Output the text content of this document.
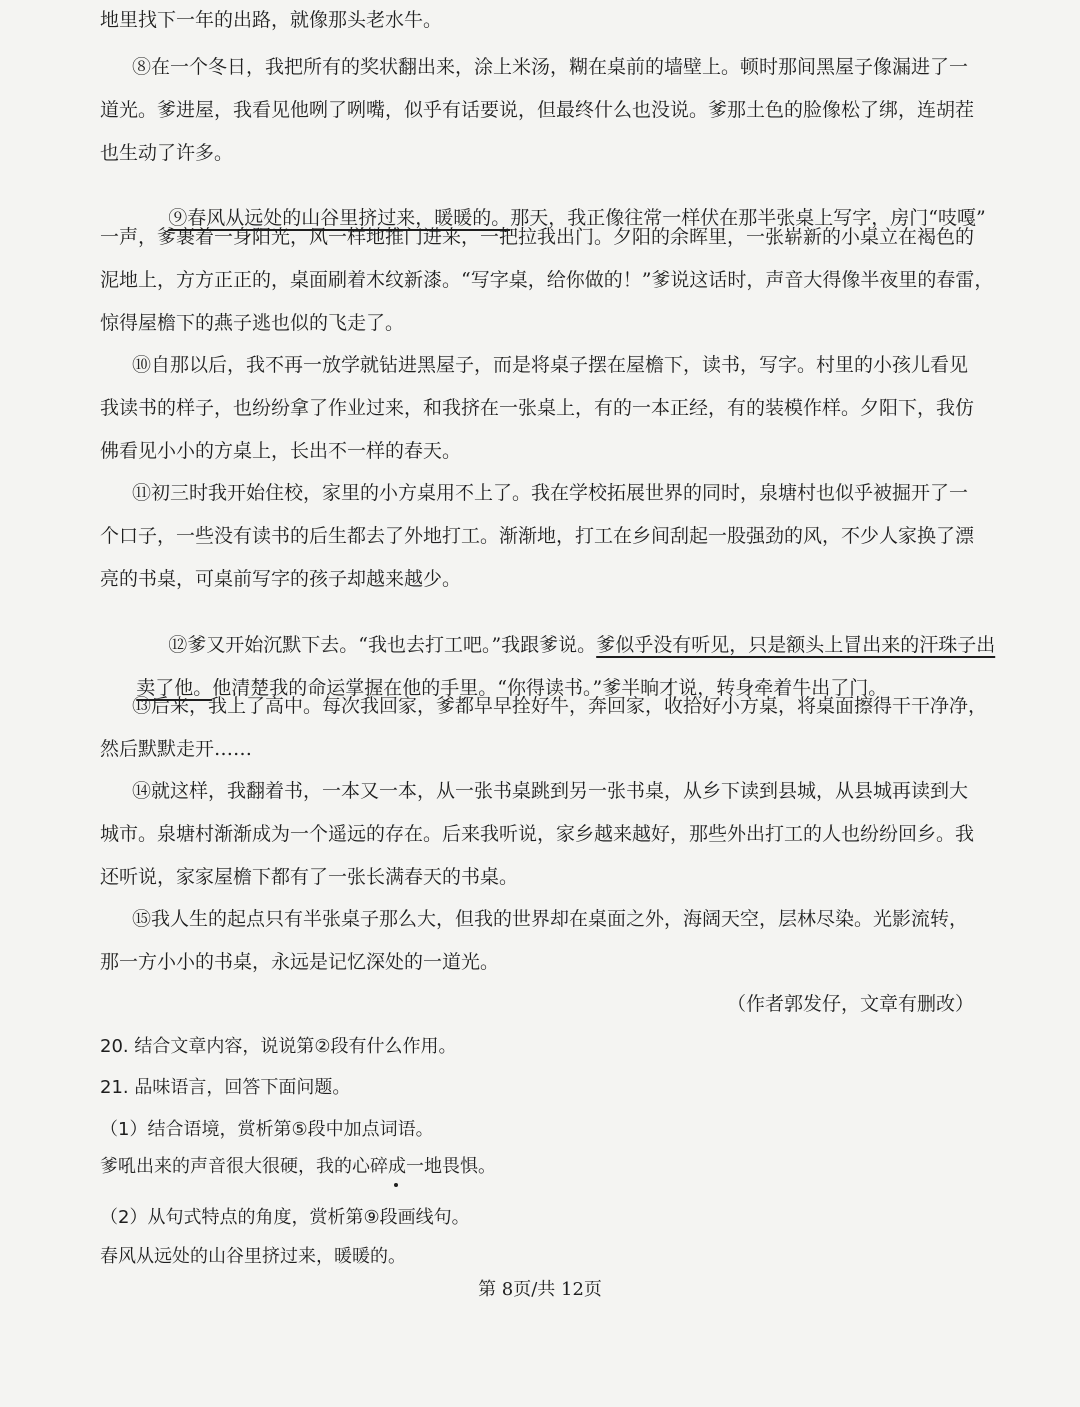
地里找下一年的出路，就像那头老水牛。
⑧在一个冬日，我把所有的奖状翻出来，涂上米汤，糊在桌前的墙壁上。顿时那间黑屋子像漏进了一
道光。爹进屋，我看见他咧了咧嘴，似乎有话要说，但最终什么也没说。爹那土色的脸像松了绑，连胡茬
也生动了许多。

⑨春风从远处的山谷里挤过来，暖暖的。那天，我正像往常一样伏在那半张桌上写字，房门“吱嘎”

一声，爹裹着一身阳光，风一样地推门进来，一把拉我出门。夕阳的余晖里，一张崭新的小桌立在褐色的
泥地上，方方正正的，桌面刷着木纹新漆。“写字桌，给你做的！”爹说这话时，声音大得像半夜里的春雷，
惊得屋檐下的燕子逃也似的飞走了。
⑩自那以后，我不再一放学就钻进黑屋子，而是将桌子摆在屋檐下，读书，写字。村里的小孩儿看见
我读书的样子，也纷纷拿了作业过来，和我挤在一张桌上，有的一本正经，有的装模作样。夕阳下，我仿
佛看见小小的方桌上，长出不一样的春天。
⑪初三时我开始住校，家里的小方桌用不上了。我在学校拓展世界的同时，泉塘村也似乎被掘开了一
个口子，一些没有读书的后生都去了外地打工。渐渐地，打工在乡间刮起一股强劲的风，不少人家换了漂
亮的书桌，可桌前写字的孩子却越来越少。

⑫爹又开始沉默下去。“我也去打工吧。”我跟爹说。爹似乎没有听见，只是额头上冒出来的汗珠子出

卖了他。他清楚我的命运掌握在他的手里。“你得读书。”爹半晌才说，转身牵着牛出了门。

⑬后来，我上了高中。每次我回家，爹都早早拴好牛，奔回家，收拾好小方桌，将桌面擦得干干净净，
然后默默走开……
⑭就这样，我翻着书，一本又一本，从一张书桌跳到另一张书桌，从乡下读到县城，从县城再读到大
城市。泉塘村渐渐成为一个遥远的存在。后来我听说，家乡越来越好，那些外出打工的人也纷纷回乡。我
还听说，家家屋檐下都有了一张长满春天的书桌。
⑮我人生的起点只有半张桌子那么大，但我的世界却在桌面之外，海阔天空，层林尽染。光影流转，
那一方小小的书桌，永远是记忆深处的一道光。
（作者郭发仔，文章有删改）
20. 结合文章内容，说说第②段有什么作用。
21. 品味语言，回答下面问题。
（1）结合语境，赏析第⑤段中加点词语。
爹吼出来的声音很大很硬，我的心碎成一地畏惧。
（2）从句式特点的角度，赏析第⑨段画线句。
春风从远处的山谷里挤过来，暖暖的。
第 8页/共 12页
